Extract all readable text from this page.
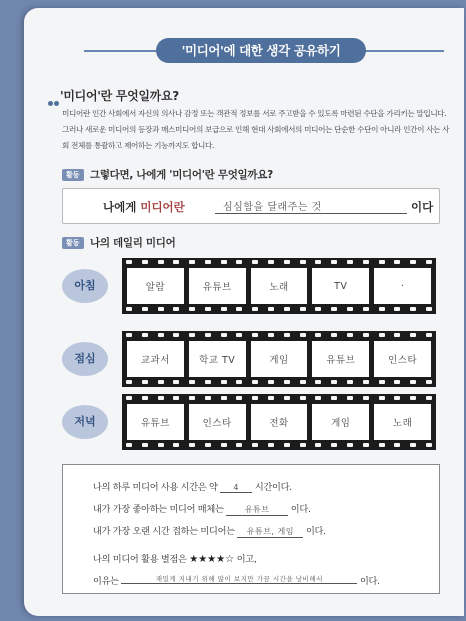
'미디어'에 대한 생각 공유하기
'미디어'란 무엇일까요?
미디어란 인간 사회에서 자신의 의사나 감정 또는 객관적 정보를 서로 주고받을 수 있도록 마련된 수단을 가리키는 말입니다. 그러나 새로운 미디어의 등장과 매스미디어의 보급으로 인해 현대 사회에서의 미디어는 단순한 수단이 아니라 인간이 사는 사회 전체를 통괄하고 제어하는 기능까지도 합니다.
활동 그렇다면, 나에게 '미디어'란 무엇일까요?
나에게 미디어란	심심함을 달래주는 것	이다
활동 나의 데일리 미디어
아침	알람	유튜브	노래	TV	·
점심	교과서	학교 TV	게임	유튜브	인스타
저녁	유튜브	인스타	전화	게임	노래
나의 하루 미디어 사용 시간은 약 4 시간이다.
내가 가장 좋아하는 미디어 매체는	유튜브 이다.
내가 가장 오랜 시간 접하는 미디어는 유튜브, 게임 이다.
나의 미디어 활용 별점은 ★★★★☆ 이고,
이유는	재밌게 지내기 위해 많이 보지만 가끔 시간을 낭비해서	이다.
